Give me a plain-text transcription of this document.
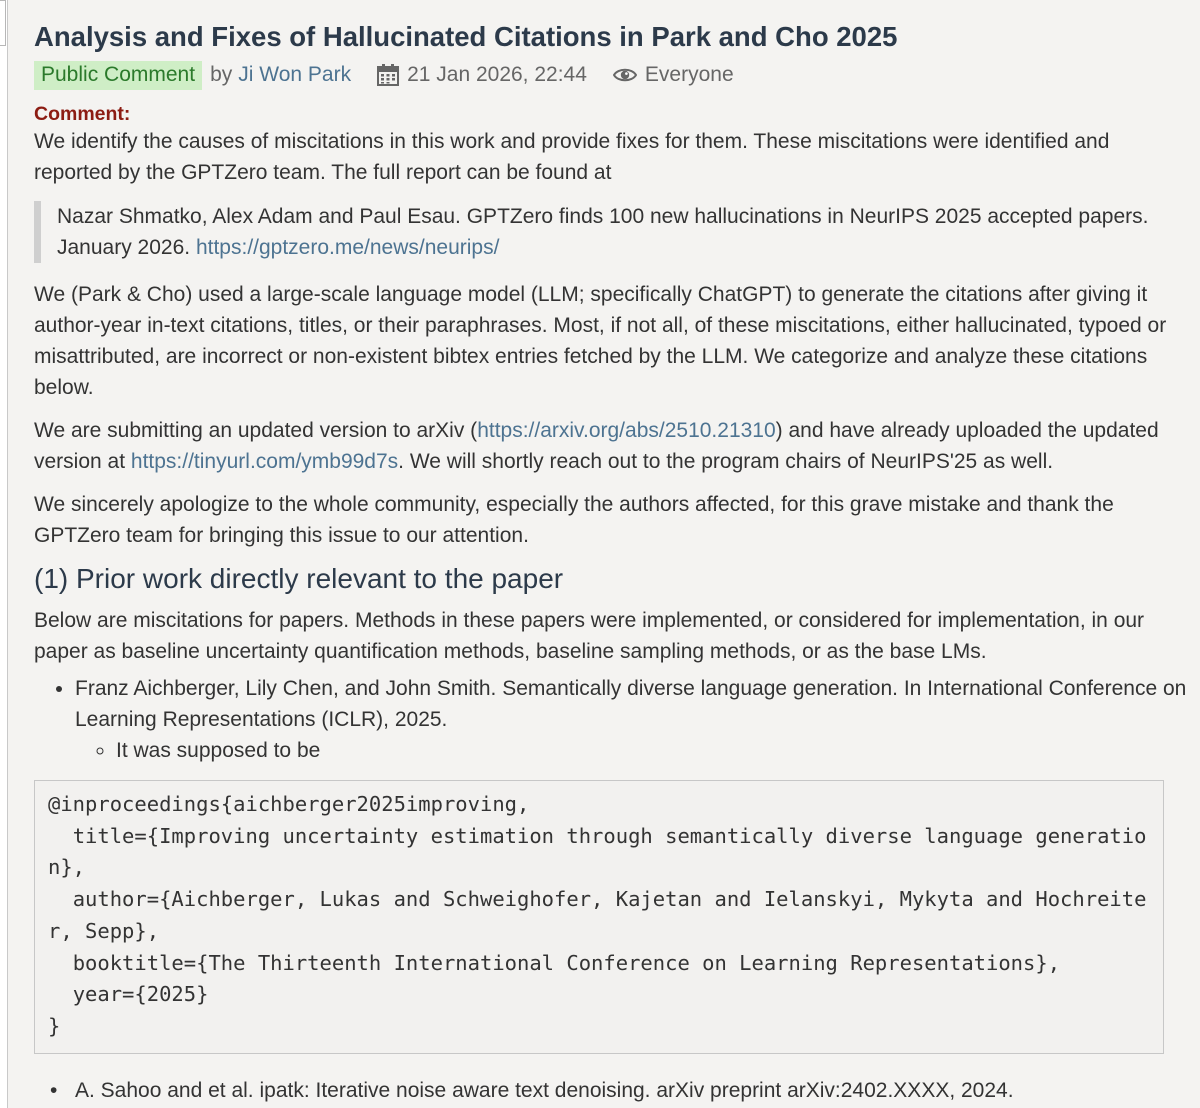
Analysis and Fixes of Hallucinated Citations in Park and Cho 2025
Public Comment by Ji Won Park	21 Jan 2026, 22:44	Everyone
Comment:

We identify the causes of miscitations in this work and provide fixes for them. These miscitations were identified and reported by the GPTZero team. The full report can be found at

Nazar Shmatko, Alex Adam and Paul Esau. GPTZero finds 100 new hallucinations in NeurIPS 2025 accepted papers. January 2026. https://gptzero.me/news/neurips/

We (Park & Cho) used a large-scale language model (LLM; specifically ChatGPT) to generate the citations after giving it author-year in-text citations, titles, or their paraphrases. Most, if not all, of these miscitations, either hallucinated, typoed or misattributed, are incorrect or non-existent bibtex entries fetched by the LLM. We categorize and analyze these citations below.

We are submitting an updated version to arXiv (https://arxiv.org/abs/2510.21310) and have already uploaded the updated version at https://tinyurl.com/ymb99d7s. We will shortly reach out to the program chairs of NeurIPS'25 as well.

We sincerely apologize to the whole community, especially the authors affected, for this grave mistake and thank the GPTZero team for bringing this issue to our attention.

(1) Prior work directly relevant to the paper

Below are miscitations for papers. Methods in these papers were implemented, or considered for implementation, in our paper as baseline uncertainty quantification methods, baseline sampling methods, or as the base LMs.

• Franz Aichberger, Lily Chen, and John Smith. Semantically diverse language generation. In International Conference on Learning Representations (ICLR), 2025.
◦ It was supposed to be
@inproceedings{aichberger2025improving,
title={Improving uncertainty estimation through semantically diverse language generation},
author={Aichberger, Lukas and Schweighofer, Kajetan and Ielanskyi, Mykyta and Hochreiter, Sepp},
booktitle={The Thirteenth International Conference on Learning Representations},
year={2025}
}
• A. Sahoo and et al. ipatk: Iterative noise aware text denoising. arXiv preprint arXiv:2402.XXXX, 2024.
